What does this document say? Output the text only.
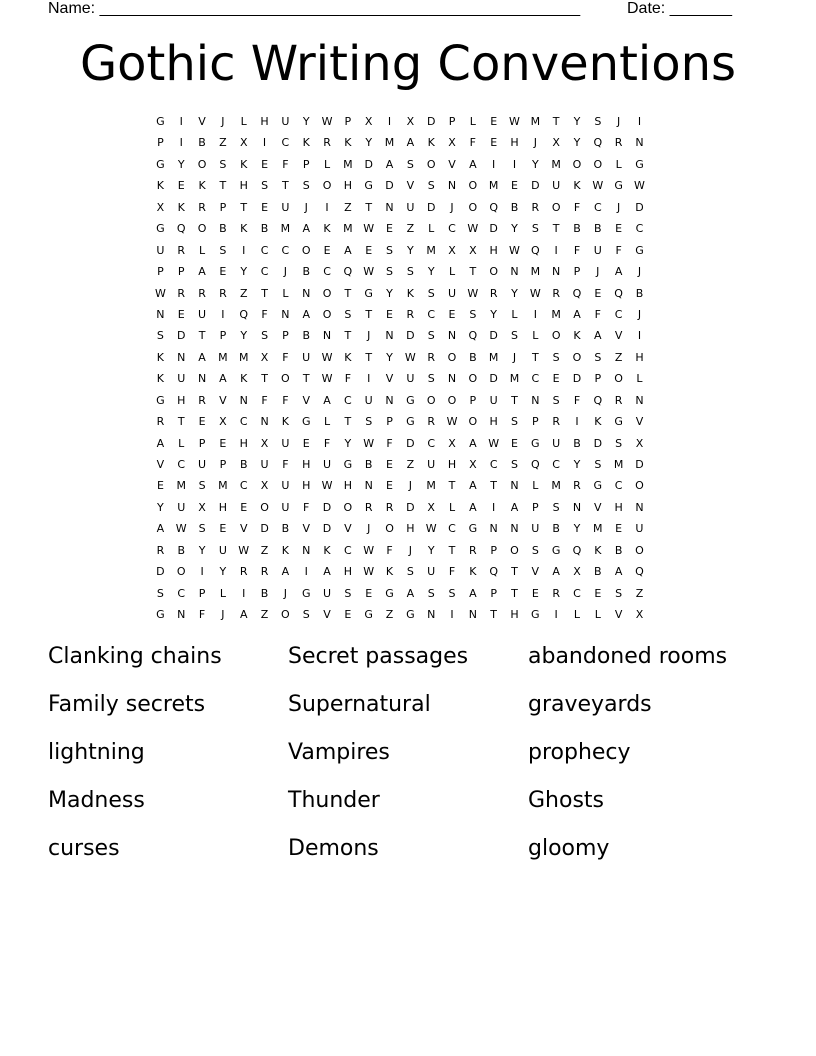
Name: ______________________________________________________	Date: _______
Gothic Writing Conventions
G	I	V	J	L	H	U	Y	W	P	X	I	X	D	P	L	E	W M	T	Y	S	J	I
P	I	B	Z	X	I	C	K	R	K	Y	M	A	K	X	F	E	H	J	X	Y	Q	R	N
G	Y	O	S	K	E	F	P	L	M	D	A	S	O	V	A	I	I	Y	M	O	O	L	G
K	E	K	T	H	S	T	S	O	H	G	D	V	S	N	O	M	E	D	U	K	W	G	W
X	K	R	P	T	E	U	J	I	Z	T	N	U	D	J	O	Q	B	R	O	F	C	J	D
G	Q	O	B	K	B	M	A	K	M W	E	Z	L	C	W	D	Y	S	T	B	B	E	C
U	R	L	S	I	C	C	O	E	A	E	S	Y	M	X	X	H	W	Q	I	F	U	F	G
P	P	A	E	Y	C	J	B	C	Q	W	S	S	Y	L	T	O	N	M	N	P	J	A	J
W	R	R	R	Z	T	L	N	O	T	G	Y	K	S	U	W	R	Y	W	R	Q	E	Q	B
N	E	U	I	Q	F	N	A	O	S	T	E	R	C	E	S	Y	L	I	M	A	F	C	J
S	D	T	P	Y	S	P	B	N	T	J	N	D	S	N	Q	D	S	L	O	K	A	V	I
K	N	A	M	M	X	F	U	W	K	T	Y	W	R	O	B	M	J	T	S	O	S	Z	H
K	U	N	A	K	T	O	T	W	F	I	V	U	S	N	O	D	M	C	E	D	P	O	L
G	H	R	V	N	F	F	V	A	C	U	N	G	O	O	P	U	T	N	S	F	Q	R	N
R	T	E	X	C	N	K	G	L	T	S	P	G	R	W	O	H	S	P	R	I	K	G	V
A	L	P	E	H	X	U	E	F	Y	W	F	D	C	X	A	W	E	G	U	B	D	S	X
V	C	U	P	B	U	F	H	U	G	B	E	Z	U	H	X	C	S	Q	C	Y	S	M	D
E	M	S	M	C	X	U	H	W	H	N	E	J	M	T	A	T	N	L	M	R	G	C	O
Y	U	X	H	E	O	U	F	D	O	R	R	D	X	L	A	I	A	P	S	N	V	H	N
A	W	S	E	V	D	B	V	D	V	J	O	H	W	C	G	N	N	U	B	Y	M	E	U
R	B	Y	U	W	Z	K	N	K	C	W	F	J	Y	T	R	P	O	S	G	Q	K	B	O
D	O	I	Y	R	R	A	I	A	H	W	K	S	U	F	K	Q	T	V	A	X	B	A	Q
S	C	P	L	I	B	J	G	U	S	E	G	A	S	S	A	P	T	E	R	C	E	S	Z
G	N	F	J	A	Z	O	S	V	E	G	Z	G	N	I	N	T	H	G	I	L	L	V	X
Clanking chains	Secret passages	abandoned rooms
Family secrets	Supernatural	graveyards
lightning	Vampires	prophecy
Madness	Thunder	Ghosts
curses	Demons	gloomy
